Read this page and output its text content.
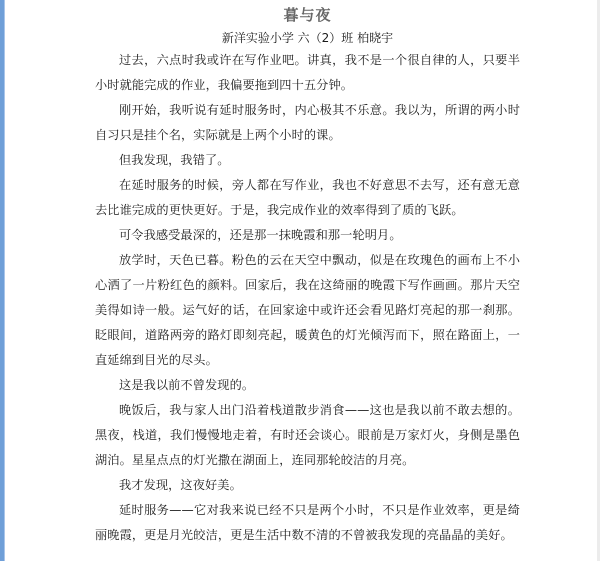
暮与夜

新洋实验小学 六（2）班 柏晓宇

过去，六点时我或许在写作业吧。讲真，我不是一个很自律的人，只要半小时就能完成的作业，我偏要拖到四十五分钟。

刚开始，我听说有延时服务时，内心极其不乐意。我以为，所谓的两小时自习只是挂个名，实际就是上两个小时的课。

但我发现，我错了。

在延时服务的时候，旁人都在写作业，我也不好意思不去写，还有意无意去比谁完成的更快更好。于是，我完成作业的效率得到了质的飞跃。

可令我感受最深的，还是那一抹晚霞和那一轮明月。

放学时，天色已暮。粉色的云在天空中飘动，似是在玫瑰色的画布上不小心洒了一片粉红色的颜料。回家后，我在这绮丽的晚霞下写作画画。那片天空美得如诗一般。运气好的话，在回家途中或许还会看见路灯亮起的那一刹那。眨眼间，道路两旁的路灯即刻亮起，暖黄色的灯光倾泻而下，照在路面上，一直延绵到目光的尽头。

这是我以前不曾发现的。

晚饭后，我与家人出门沿着栈道散步消食——这也是我以前不敢去想的。黑夜，栈道，我们慢慢地走着，有时还会谈心。眼前是万家灯火，身侧是墨色湖泊。星星点点的灯光撒在湖面上，连同那轮皎洁的月亮。

我才发现，这夜好美。

延时服务——它对我来说已经不只是两个小时，不只是作业效率，更是绮丽晚霞，更是月光皎洁，更是生活中数不清的不曾被我发现的亮晶晶的美好。
